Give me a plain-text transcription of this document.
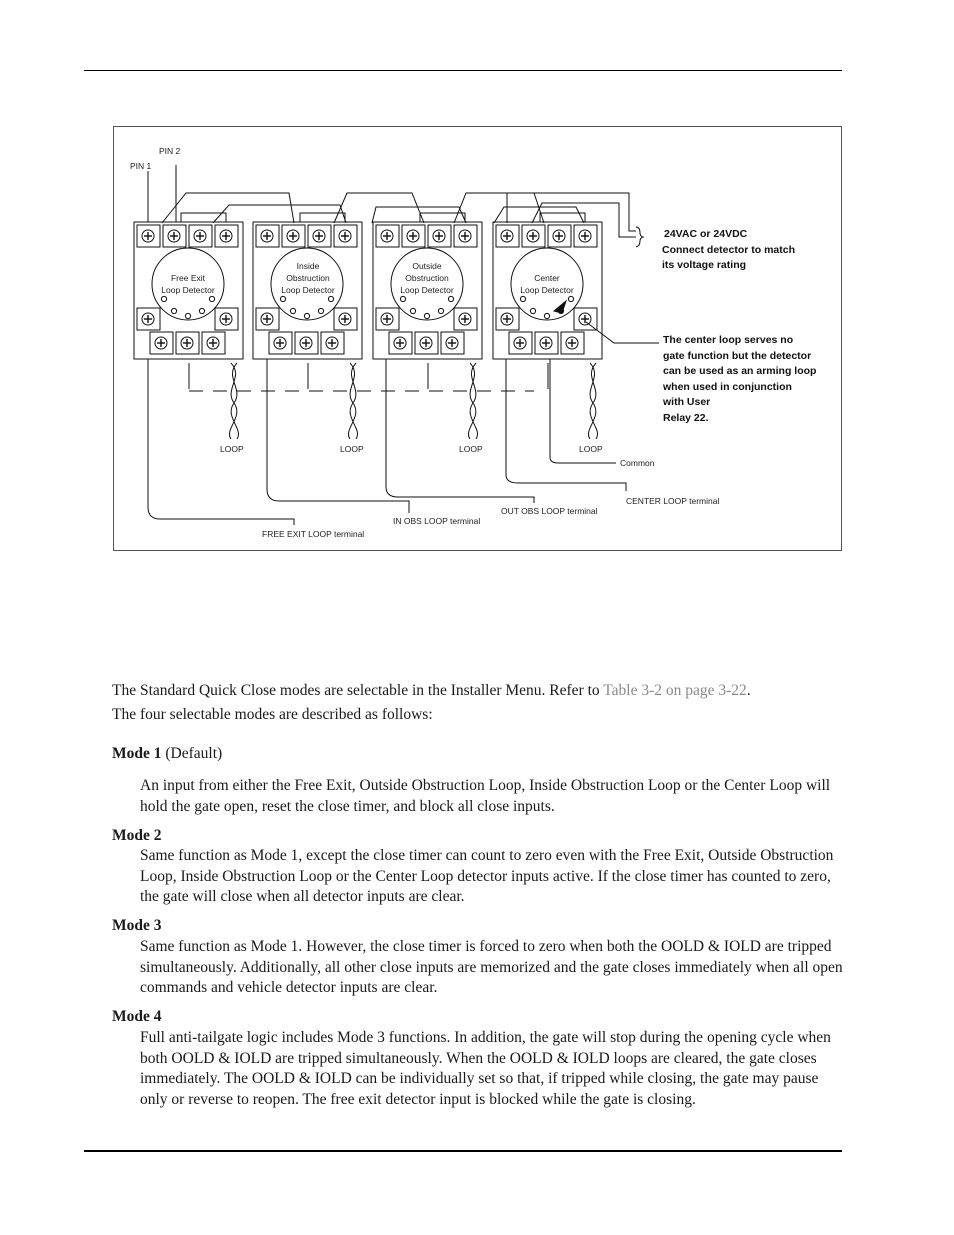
PIN 2
PIN 1
Free Exit
Loop Detector
Inside
Obstruction
Loop Detector
Outside
Obstruction
Loop Detector
Center
Loop Detector
LOOP	LOOP	LOOP	LOOP
Common
CENTER LOOP terminal
OUT OBS LOOP terminal
IN OBS LOOP terminal
FREE EXIT LOOP terminal
24VAC or 24VDC
Connect detector to match
its voltage rating
The center loop serves no
gate function but the detector
can be used as an arming loop
when used in conjunction
with User
Relay 22.
The Standard Quick Close modes are selectable in the Installer Menu. Refer to Table 3-2 on page 3-22.
The four selectable modes are described as follows:
Mode 1 (Default)
An input from either the Free Exit, Outside Obstruction Loop, Inside Obstruction Loop or the Center Loop will hold the gate open, reset the close timer, and block all close inputs.
Mode 2
Same function as Mode 1, except the close timer can count to zero even with the Free Exit, Outside Obstruction Loop, Inside Obstruction Loop or the Center Loop detector inputs active. If the close timer has counted to zero, the gate will close when all detector inputs are clear.
Mode 3
Same function as Mode 1. However, the close timer is forced to zero when both the OOLD & IOLD are tripped simultaneously. Additionally, all other close inputs are memorized and the gate closes immediately when all open commands and vehicle detector inputs are clear.
Mode 4
Full anti-tailgate logic includes Mode 3 functions. In addition, the gate will stop during the opening cycle when both OOLD & IOLD are tripped simultaneously. When the OOLD & IOLD loops are cleared, the gate closes immediately. The OOLD & IOLD can be individually set so that, if tripped while closing, the gate may pause only or reverse to reopen. The free exit detector input is blocked while the gate is closing.
